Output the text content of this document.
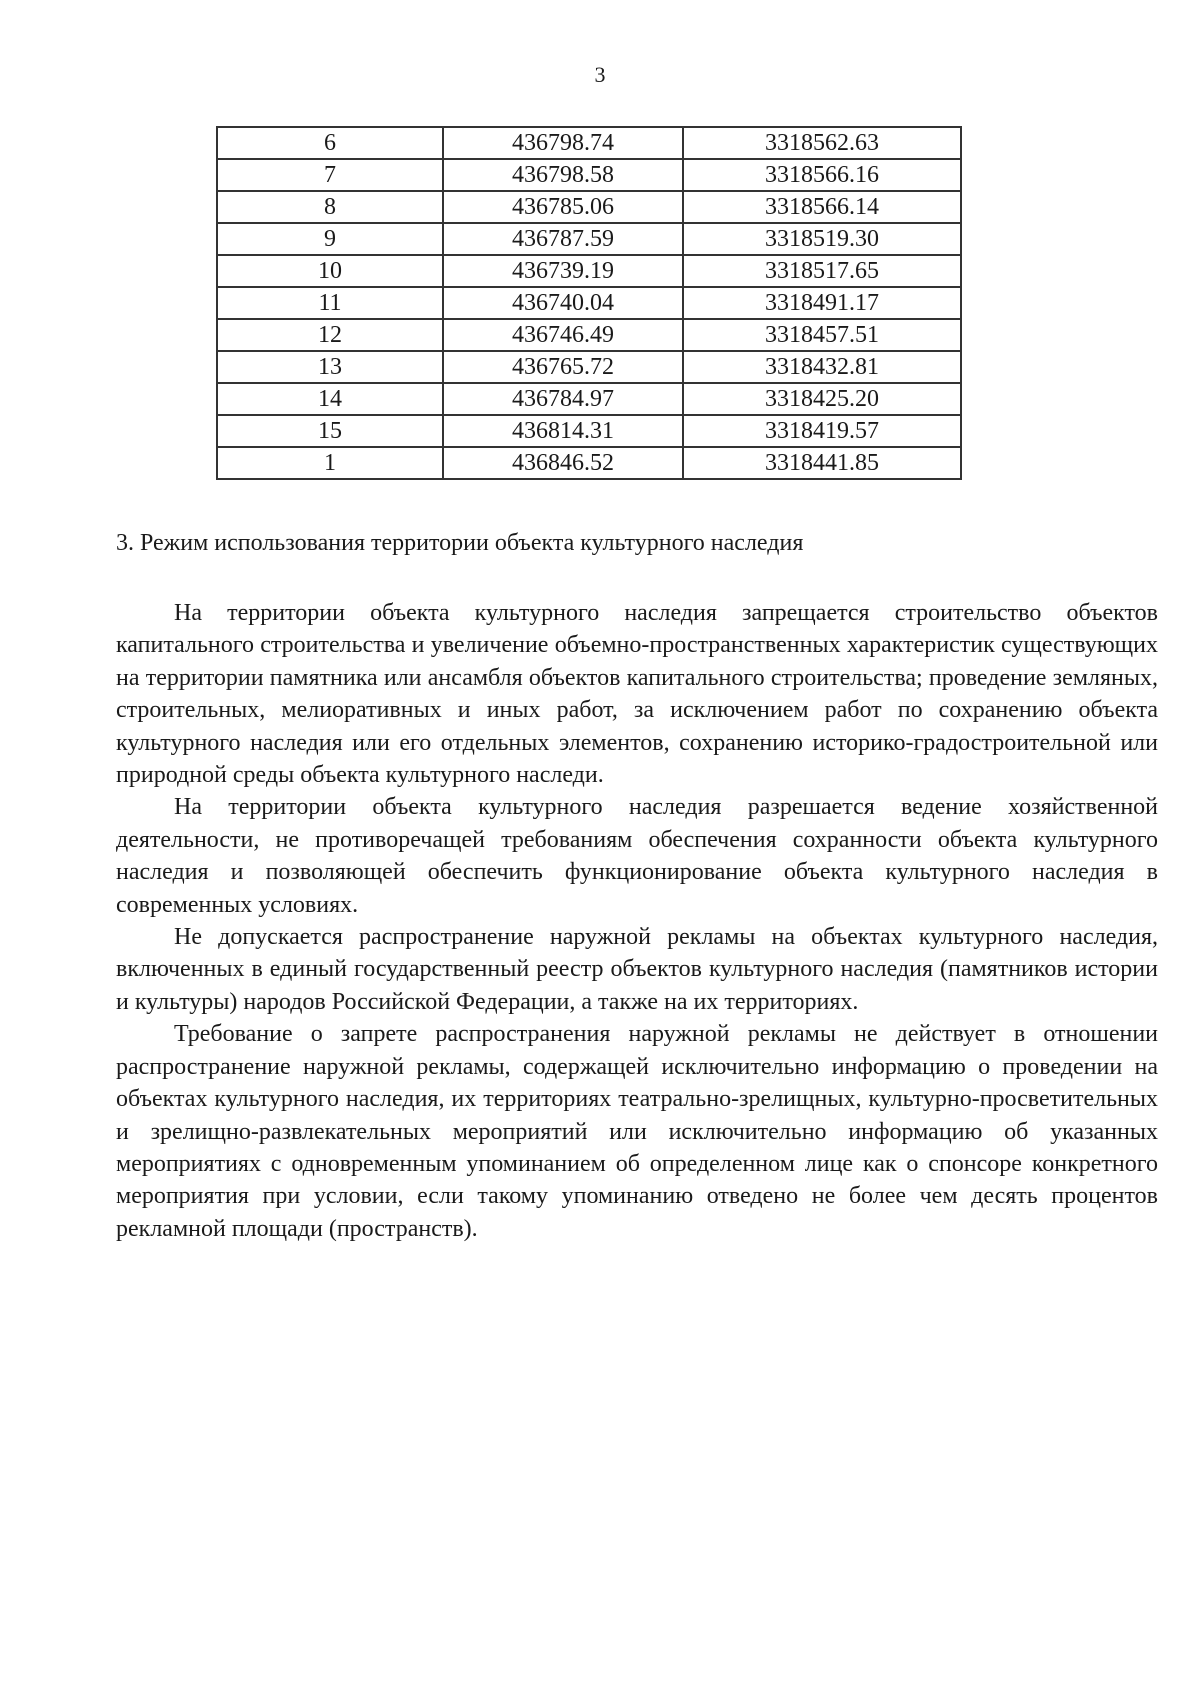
3
6	436798.74	3318562.63
7	436798.58	3318566.16
8	436785.06	3318566.14
9	436787.59	3318519.30
10	436739.19	3318517.65
11	436740.04	3318491.17
12	436746.49	3318457.51
13	436765.72	3318432.81
14	436784.97	3318425.20
15	436814.31	3318419.57
1	436846.52	3318441.85
3. Режим использования территории объекта культурного наследия

На территории объекта культурного наследия запрещается строительство объектов капитального строительства и увеличение объемно-пространственных характеристик существующих на территории памятника или ансамбля объектов капитального строительства; проведение земляных, строительных, мелиоративных и иных работ, за исключением работ по сохранению объекта культурного наследия или его отдельных элементов, сохранению историко-градостроительной или природной среды объекта культурного наследи.

На территории объекта культурного наследия разрешается ведение хозяйственной деятельности, не противоречащей требованиям обеспечения сохранности объекта культурного наследия и позволяющей обеспечить функционирование объекта культурного наследия в современных условиях.

Не допускается распространение наружной рекламы на объектах культурного наследия, включенных в единый государственный реестр объектов культурного наследия (памятников истории и культуры) народов Российской Федерации, а также на их территориях.

Требование о запрете распространения наружной рекламы не действует в отношении распространение наружной рекламы, содержащей исключительно информацию о проведении на объектах культурного наследия, их территориях театрально-зрелищных, культурно-просветительных и зрелищно-развлекательных мероприятий или исключительно информацию об указанных мероприятиях с одновременным упоминанием об определенном лице как о спонсоре конкретного мероприятия при условии, если такому упоминанию отведено не более чем десять процентов рекламной площади (пространств).
